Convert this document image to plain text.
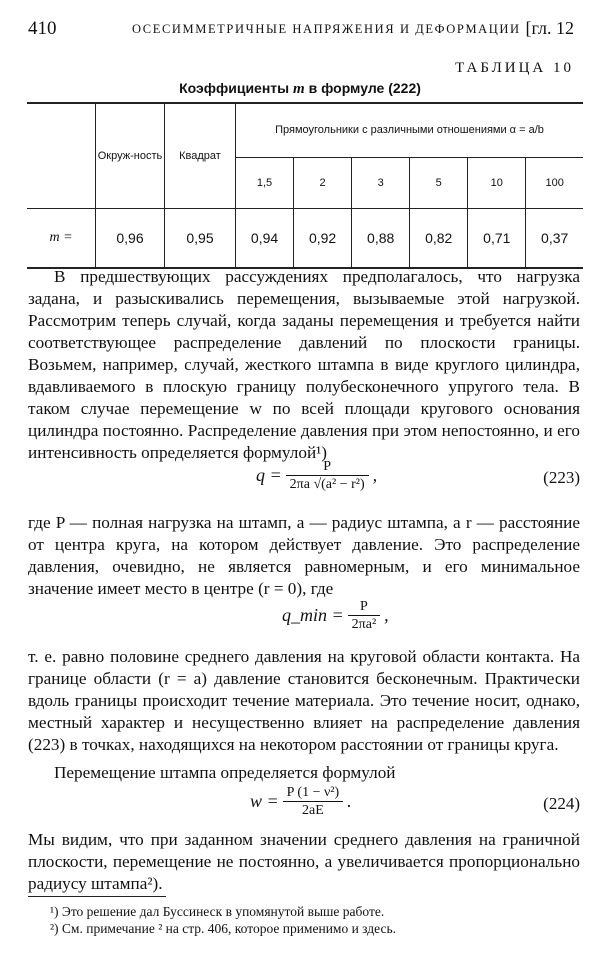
410	ОСЕСИММЕТРИЧНЫЕ НАПРЯЖЕНИЯ И ДЕФОРМАЦИИ [гл. 12
ТАБЛИЦА 10
Коэффициенты m в формуле (222)
	Окруж-ность	Квадрат	Прямоугольники с различными отношениями α = a/b					
			1,5	2	3	5	10	100
m =	0,96	0,95	0,94	0,92	0,88	0,82	0,71	0,37
В предшествующих рассуждениях предполагалось, что нагрузка задана, и разыскивались перемещения, вызываемые этой нагрузкой. Рассмотрим теперь случай, когда заданы перемещения и требуется найти соответствующее распределение давлений по плоскости границы. Возьмем, например, случай, жесткого штампа в виде круглого цилиндра, вдавливаемого в плоскую границу полубесконечного упругого тела. В таком случае перемещение w по всей площади кругового основания цилиндра постоянно. Распределение давления при этом непостоянно, и его интенсивность определяется формулой¹)
$q = \frac{P}{\text{2πa √(a² − r²)}}$ ,	(223)
где P — полная нагрузка на штамп, a — радиус штампа, а r — расстояние от центра круга, на котором действует давление. Это распределение давления, очевидно, не является равномерным, и его минимальное значение имеет место в центре (r = 0), где
q_min = $\frac{P}{\text{2πa²}}$ ,
т. е. равно половине среднего давления на круговой области контакта. На границе области (r = a) давление становится бесконечным. Практически вдоль границы происходит течение материала. Это течение носит, однако, местный характер и несущественно влияет на распределение давления (223) в точках, находящихся на некотором расстоянии от границы круга.
Перемещение штампа определяется формулой
$w = \frac{\text{P (1 − ν²)}}{2aE}$ .	(224)
Мы видим, что при заданном значении среднего давления на граничной плоскости, перемещение не постоянно, а увеличивается пропорционально радиусу штампа²).
¹) Это решение дал Буссинеск в упомянутой выше работе.
²) См. примечание ² на стр. 406, которое применимо и здесь.
